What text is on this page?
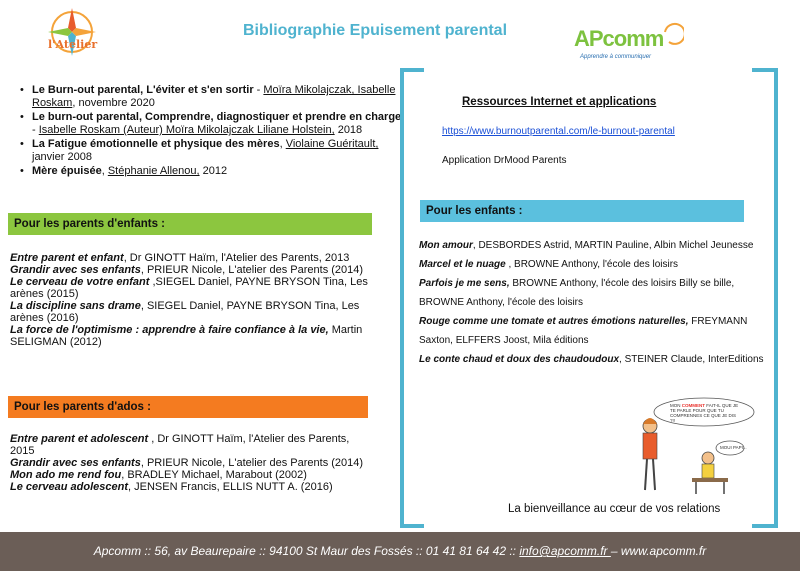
l'Atelier
Bibliographie Epuisement parental	APcomm
Apprendre à communiquer
• Le Burn-out parental, L'éviter et s'en sortir - Moïra Mikolajczak, Isabelle Roskam, novembre 2020
• Le burn-out parental, Comprendre, diagnostiquer et prendre en charge - Isabelle Roskam (Auteur) Moïra Mikolajczak Liliane Holstein, 2018
• La Fatigue émotionnelle et physique des mères, Violaine Guéritault, janvier 2008
• Mère épuisée, Stéphanie Allenou, 2012
Pour les parents d'enfants :
Entre parent et enfant, Dr GINOTT Haïm, l'Atelier des Parents, 2013
Grandir avec ses enfants, PRIEUR Nicole, L'atelier des Parents (2014)
Le cerveau de votre enfant ,SIEGEL Daniel, PAYNE BRYSON Tina, Les arènes (2015)
La discipline sans drame, SIEGEL Daniel, PAYNE BRYSON Tina, Les arènes (2016)
La force de l'optimisme : apprendre à faire confiance à la vie, Martin SELIGMAN (2012)
Pour les parents d'ados :
Entre parent et adolescent , Dr GINOTT Haïm, l'Atelier des Parents, 2015
Grandir avec ses enfants, PRIEUR Nicole, L'atelier des Parents (2014)
Mon ado me rend fou, BRADLEY Michael, Marabout (2002)
Le cerveau adolescent, JENSEN Francis, ELLIS NUTT A. (2016)
Ressources Internet et applications
https://www.burnoutparental.com/le-burnout-parental
Application DrMood Parents
Pour les enfants :
Mon amour, DESBORDES Astrid, MARTIN Pauline, Albin Michel Jeunesse
Marcel et le nuage , BROWNE Anthony, l'école des loisirs
Parfois je me sens, BROWNE Anthony, l'école des loisirs Billy se bille, BROWNE Anthony, l'école des loisirs
Rouge comme une tomate et autres émotions naturelles, FREYMANN Saxton, ELFFERS Joost, Mila éditions
Le conte chaud et doux des chaudoudoux, STEINER Claude, InterEditions
MON COMMENT FAIT-IL QUE JE TE PARLE POUR QUE TU COMPRENNES CE QUE JE DIS ?!!
MOUI PAPI...
La bienveillance au cœur de vos relations
Apcomm :: 56, av Beaurepaire :: 94100 St Maur des Fossés :: 01 41 81 64 42 :: info@apcomm.fr – www.apcomm.fr
